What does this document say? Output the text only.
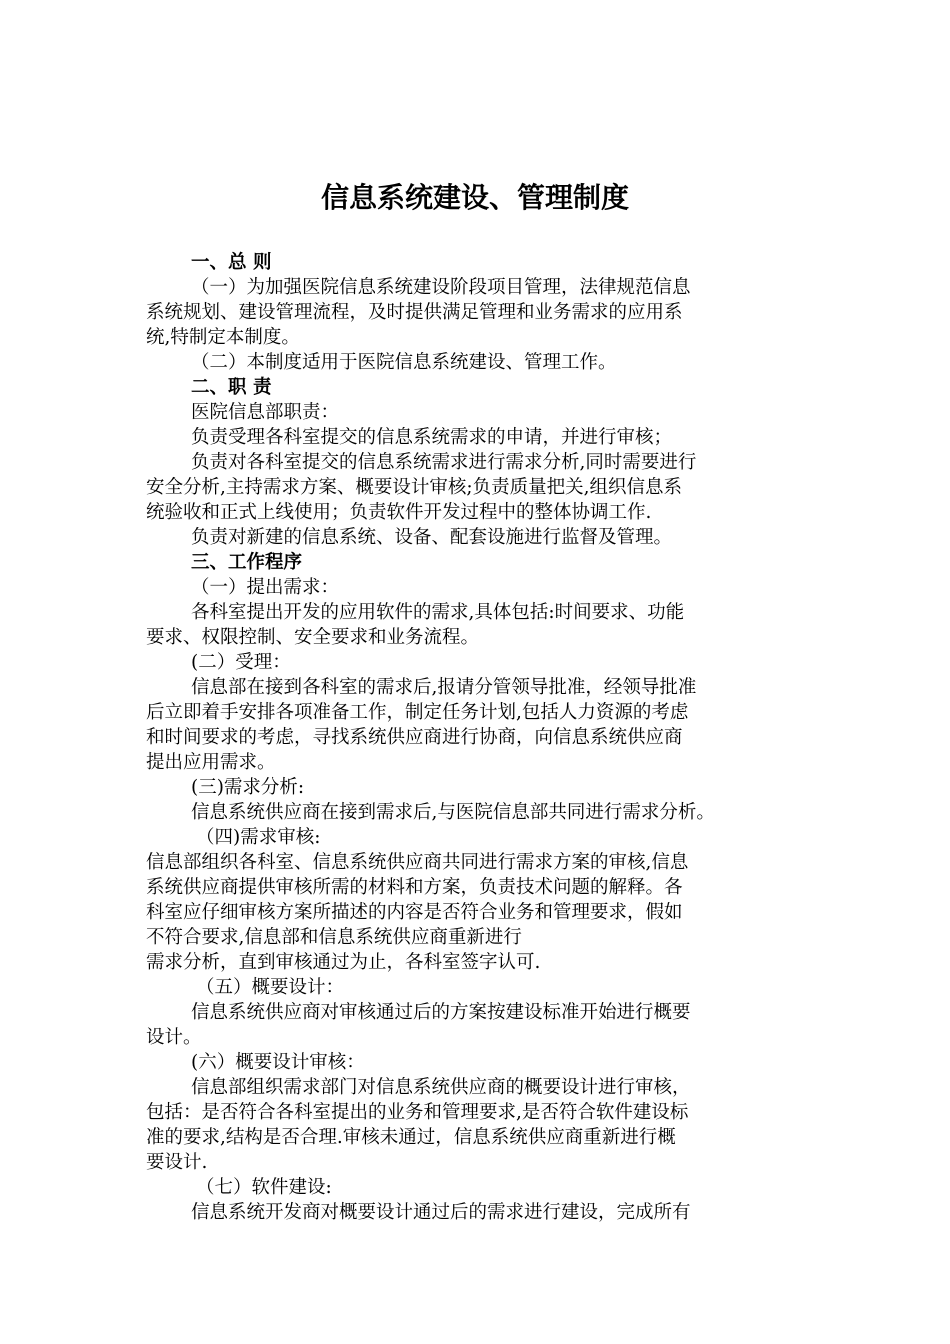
信息系统建设、管理制度
一、总 则
（一）为加强医院信息系统建设阶段项目管理，法律规范信息
系统规划、建设管理流程，及时提供满足管理和业务需求的应用系
统,特制定本制度。
（二）本制度适用于医院信息系统建设、管理工作。
二、职 责
医院信息部职责：
负责受理各科室提交的信息系统需求的申请，并进行审核；
负责对各科室提交的信息系统需求进行需求分析,同时需要进行
安全分析,主持需求方案、概要设计审核;负责质量把关,组织信息系
统验收和正式上线使用；负责软件开发过程中的整体协调工作.
负责对新建的信息系统、设备、配套设施进行监督及管理。
三、工作程序
（一）提出需求：
各科室提出开发的应用软件的需求,具体包括:时间要求、功能
要求、权限控制、安全要求和业务流程。
(二）受理：
信息部在接到各科室的需求后,报请分管领导批准，经领导批准
后立即着手安排各项准备工作，制定任务计划,包括人力资源的考虑
和时间要求的考虑，寻找系统供应商进行协商，向信息系统供应商
提出应用需求。
(三)需求分析:
信息系统供应商在接到需求后,与医院信息部共同进行需求分析。
（四)需求审核:
信息部组织各科室、信息系统供应商共同进行需求方案的审核,信息
系统供应商提供审核所需的材料和方案，负责技术问题的解释。各
科室应仔细审核方案所描述的内容是否符合业务和管理要求，假如
不符合要求,信息部和信息系统供应商重新进行
需求分析，直到审核通过为止，各科室签字认可.
（五）概要设计：
信息系统供应商对审核通过后的方案按建设标准开始进行概要
设计。
(六）概要设计审核：
信息部组织需求部门对信息系统供应商的概要设计进行审核，
包括：是否符合各科室提出的业务和管理要求,是否符合软件建设标
准的要求,结构是否合理.审核未通过，信息系统供应商重新进行概
要设计.
（七）软件建设:
信息系统开发商对概要设计通过后的需求进行建设，完成所有
